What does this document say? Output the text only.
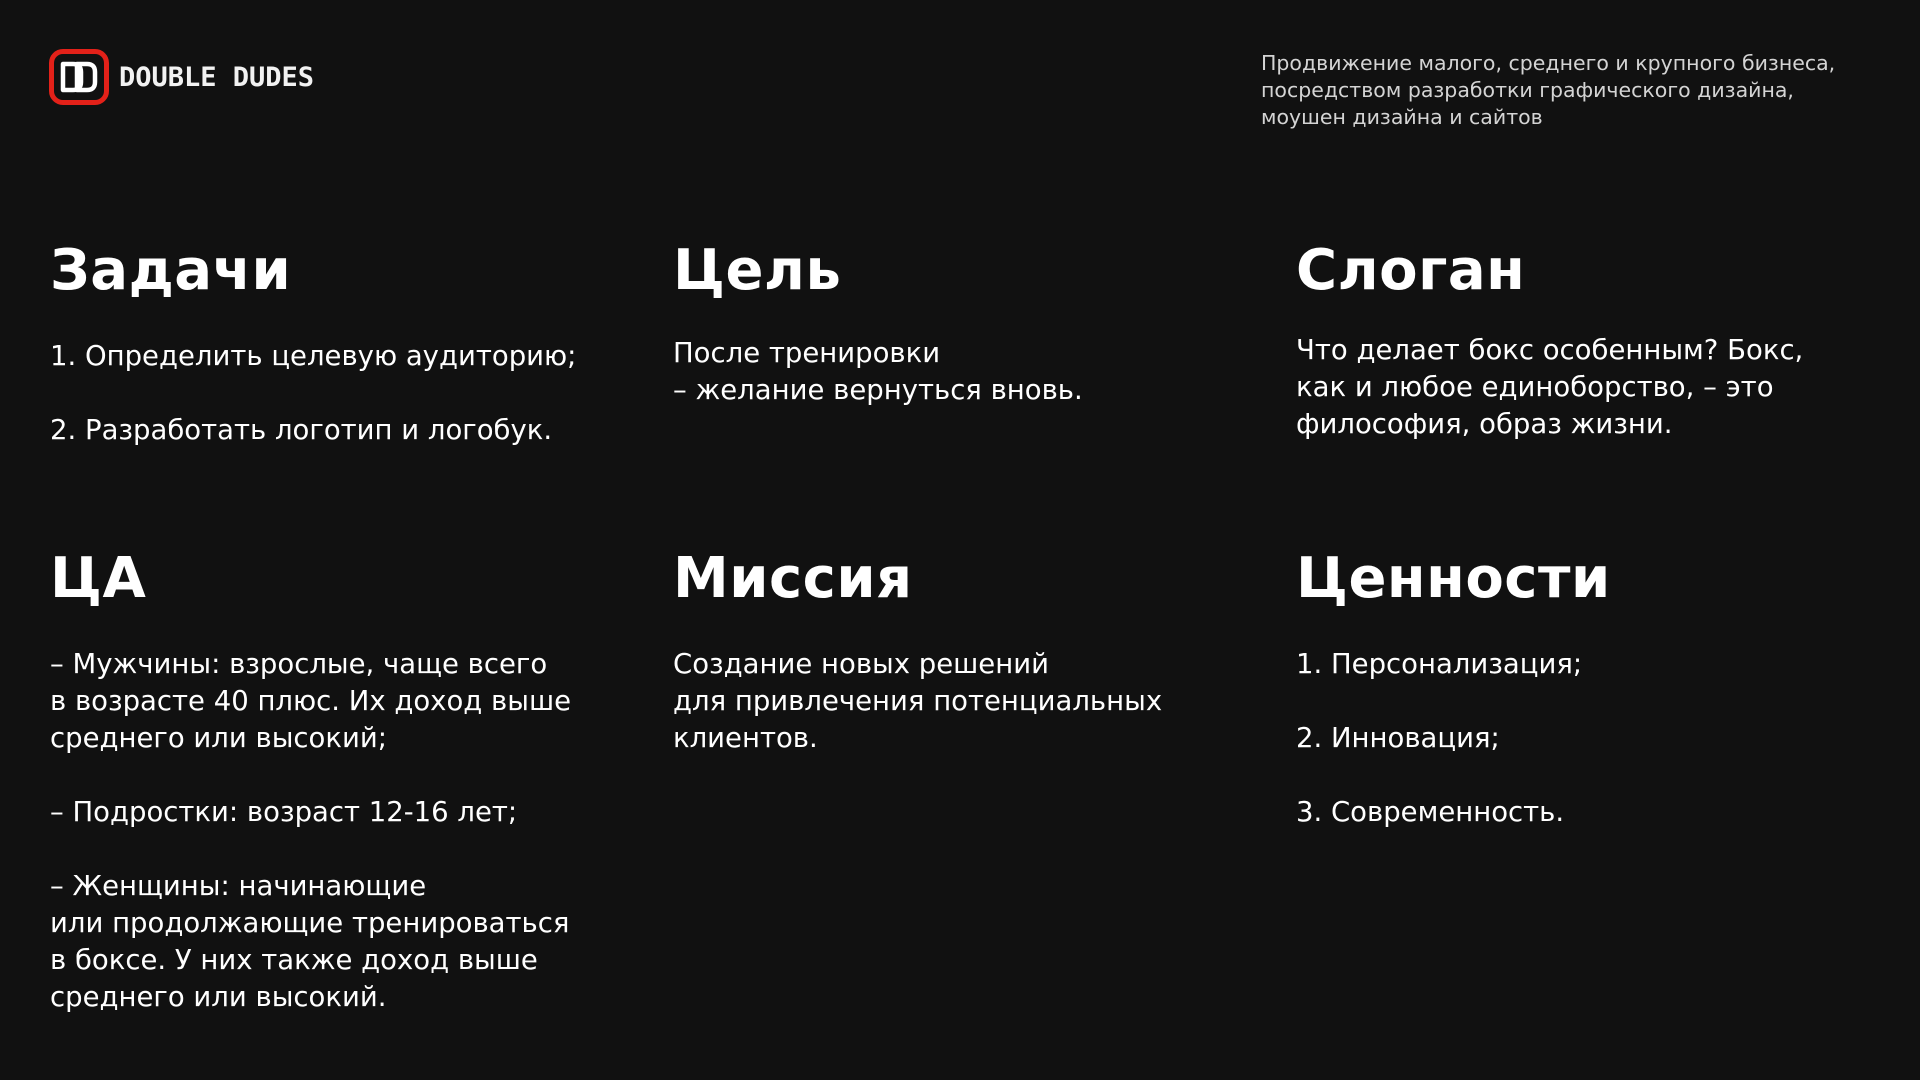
DOUBLE DUDES	Продвижение малого, среднего и крупного бизнеса,
посредством разработки графического дизайна,
моушен дизайна и сайтов

Задачи

1. Определить целевую аудиторию;

2. Разработать логотип и логобук.

Цель

После тренировки
– желание вернуться вновь.

Слоган

Что делает бокс особенным? Бокс,
как и любое единоборство, – это
философия, образ жизни.

ЦА

– Мужчины: взрослые, чаще всего
в возрасте 40 плюс. Их доход выше
среднего или высокий;

– Подростки: возраст 12-16 лет;

– Женщины: начинающие
или продолжающие тренироваться
в боксе. У них также доход выше
среднего или высокий.

Миссия

Создание новых решений
для привлечения потенциальных
клиентов.

Ценности

1. Персонализация;

2. Инновация;

3. Современность.
